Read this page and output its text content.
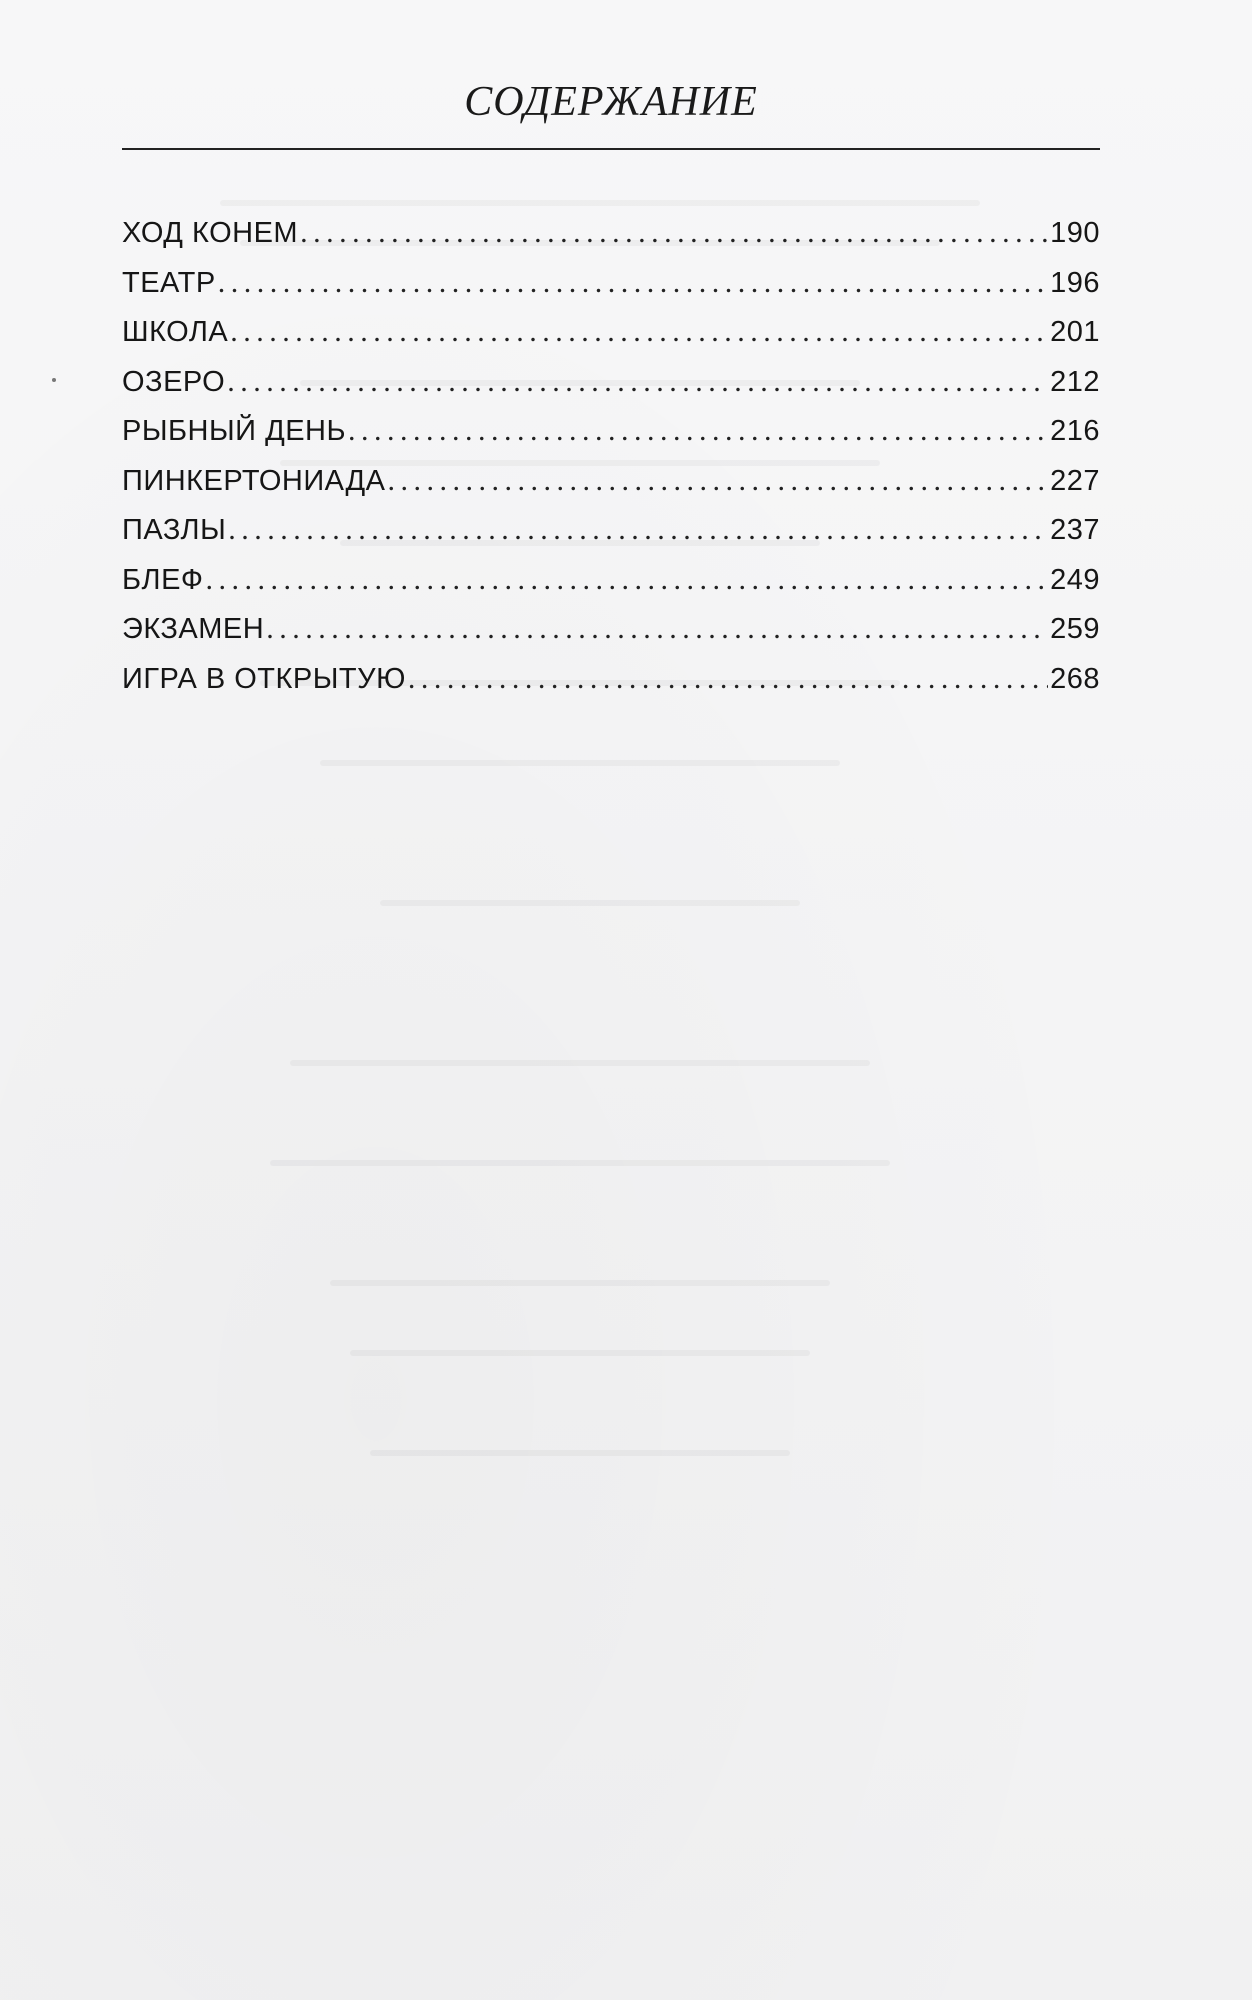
СОДЕРЖАНИЕ
ХОД КОНЕМ . . .	190
ТЕАТР . . .	196
ШКОЛА . . .	201
ОЗЕРО . . .	212
РЫБНЫЙ ДЕНЬ . . .	216
ПИНКЕРТОНИАДА . . .	227
ПАЗЛЫ . . .	237
БЛЕФ . . .	249
ЭКЗАМЕН . . .	259
ИГРА В ОТКРЫТУЮ . . .	268
